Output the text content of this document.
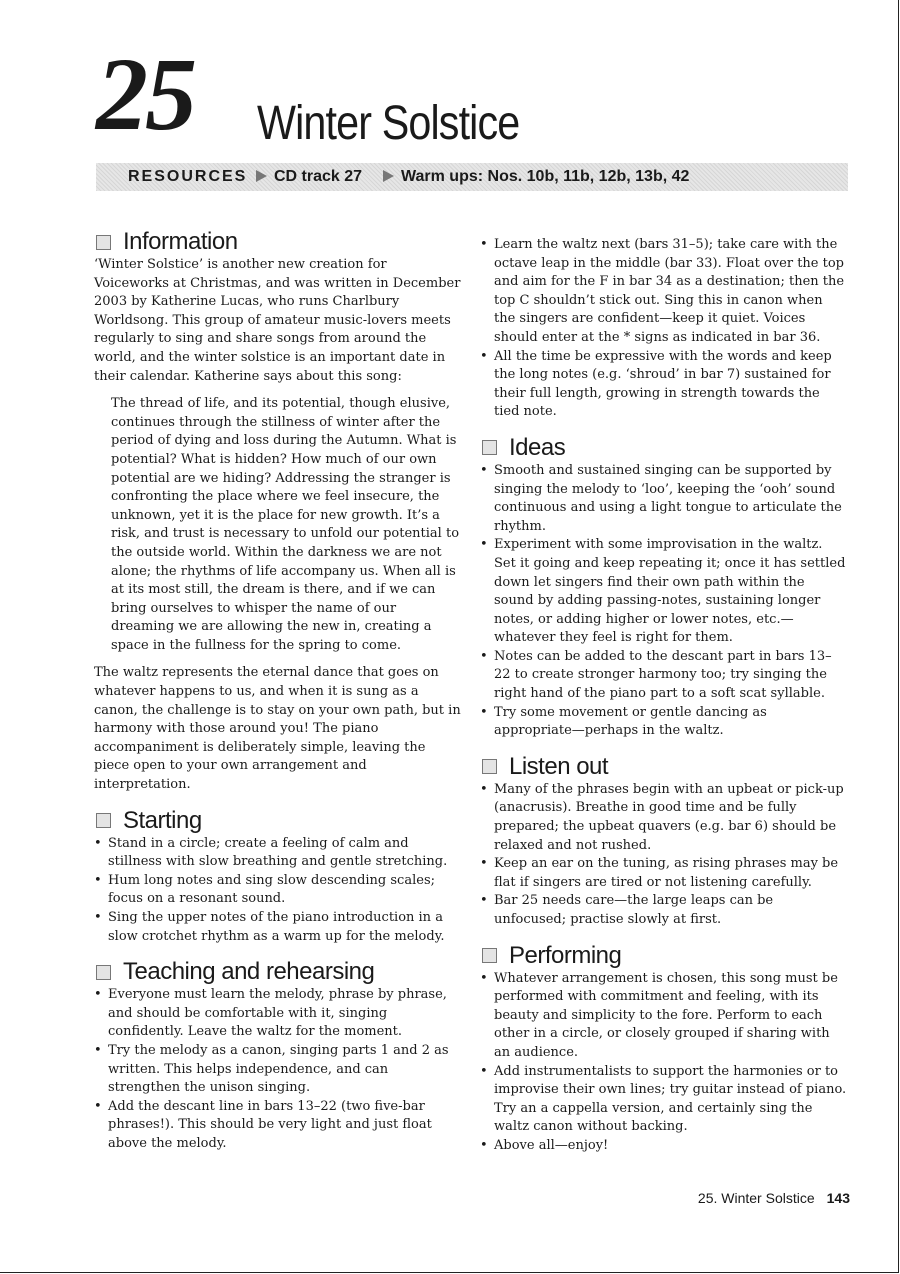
25 Winter Solstice
RESOURCES	CD track 27	Warm ups: Nos. 10b, 11b, 12b, 13b, 42
Information

‘Winter Solstice’ is another new creation for Voiceworks at Christmas, and was written in December 2003 by Katherine Lucas, who runs Charlbury Worldsong. This group of amateur music-lovers meets regularly to sing and share songs from around the world, and the winter solstice is an important date in their calendar. Katherine says about this song:

The thread of life, and its potential, though elusive, continues through the stillness of winter after the period of dying and loss during the Autumn. What is potential? What is hidden? How much of our own potential are we hiding? Addressing the stranger is confronting the place where we feel insecure, the unknown, yet it is the place for new growth. It’s a risk, and trust is necessary to unfold our potential to the outside world. Within the darkness we are not alone; the rhythms of life accompany us. When all is at its most still, the dream is there, and if we can bring ourselves to whisper the name of our dreaming we are allowing the new in, creating a space in the fullness for the spring to come.

The waltz represents the eternal dance that goes on whatever happens to us, and when it is sung as a canon, the challenge is to stay on your own path, but in harmony with those around you! The piano accompaniment is deliberately simple, leaving the piece open to your own arrangement and interpretation.

Starting
• Stand in a circle; create a feeling of calm and stillness with slow breathing and gentle stretching.
• Hum long notes and sing slow descending scales; focus on a resonant sound.
• Sing the upper notes of the piano introduction in a slow crotchet rhythm as a warm up for the melody.
Teaching and rehearsing
• Everyone must learn the melody, phrase by phrase, and should be comfortable with it, singing confidently. Leave the waltz for the moment.
• Try the melody as a canon, singing parts 1 and 2 as written. This helps independence, and can strengthen the unison singing.
• Add the descant line in bars 13–22 (two five-bar phrases!). This should be very light and just float above the melody.
• Learn the waltz next (bars 31–5); take care with the octave leap in the middle (bar 33). Float over the top and aim for the F in bar 34 as a destination; then the top C shouldn’t stick out. Sing this in canon when the singers are confident—keep it quiet. Voices should enter at the * signs as indicated in bar 36.
• All the time be expressive with the words and keep the long notes (e.g. ‘shroud’ in bar 7) sustained for their full length, growing in strength towards the tied note.
Ideas
• Smooth and sustained singing can be supported by singing the melody to ‘loo’, keeping the ‘ooh’ sound continuous and using a light tongue to articulate the rhythm.
• Experiment with some improvisation in the waltz. Set it going and keep repeating it; once it has settled down let singers find their own path within the sound by adding passing-notes, sustaining longer notes, or adding higher or lower notes, etc.—whatever they feel is right for them.
• Notes can be added to the descant part in bars 13–22 to create stronger harmony too; try singing the right hand of the piano part to a soft scat syllable.
• Try some movement or gentle dancing as appropriate—perhaps in the waltz.
Listen out
• Many of the phrases begin with an upbeat or pick-up (anacrusis). Breathe in good time and be fully prepared; the upbeat quavers (e.g. bar 6) should be relaxed and not rushed.
• Keep an ear on the tuning, as rising phrases may be flat if singers are tired or not listening carefully.
• Bar 25 needs care—the large leaps can be unfocused; practise slowly at first.
Performing
• Whatever arrangement is chosen, this song must be performed with commitment and feeling, with its beauty and simplicity to the fore. Perform to each other in a circle, or closely grouped if sharing with an audience.
• Add instrumentalists to support the harmonies or to improvise their own lines; try guitar instead of piano. Try an a cappella version, and certainly sing the waltz canon without backing.
• Above all—enjoy!
25. Winter Solstice 143
